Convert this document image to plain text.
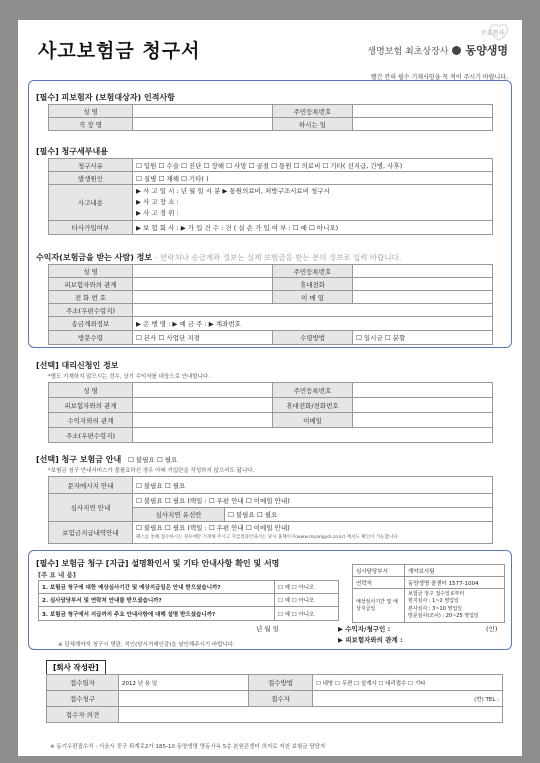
사고보험금 청구서	생명보험 최초상장사 동양생명
수호천사
빨간 칸의 필수 기재사항을 꼭 적어 주시기 바랍니다.
[필수] 피보험자 (보험대상자) 인적사항
성 명		주민등록번호	
직 장 명		하시는 일	
[필수] 청구세부내용
청구사유	☐ 입원 ☐ 수술 ☐ 진단 ☐ 장해 ☐ 사망 ☐ 골절 ☐ 통원 ☐ 의료비 ☐ 기타( 선지급, 간병, 사후)
발생원인	☐ 질병 ☐ 재해 ☐ 기타( )
사고내용	▶ 사 고 일 시 : 년 월 일 시 분 ▶ 통원의료비, 처방구조시료비 청구시
▶ 사 고 장 소 :
▶ 사 고 경 위 :

타사가입여부	▶ 보 험 회 사 : ▶ 가 입 건 수 : 건 ( 실 손 가 입 여 부 : ☐ 예 ☐ 아니오)
수익자(보험금을 받는 사람) 정보 - 연락처나 송금계좌 정보는 실제 보험금을 받는 분의 정보로 입력 바랍니다.
성 명		주민등록번호	
피보험자와의 관계		휴대전화	
전 화 번 호		이 메 일	
주소(우편수령지)			
송금계좌정보	▶ 은 행 명 : ▶ 예 금 주 : ▶ 계좌번호		
방문수령	☐ 본사 ☐ 사업단 지점	수령방법	☐ 일시금 ☐ 분할
[선택] 대리신청인 정보
*별도 기재하지 않으시는 경우, 상기 수익자를 대상으로 안내합니다.
성 명		주민등록번호	
피보험자와의 관계		휴대전화/전화번호	
수익자와의 관계		이메일	
주소(우편수령지)			
[선택] 청구 보험금 안내 ☐ 불필요 ☐ 필요
*보험금 청구 안내서비스가 불필요하신 경우 아래 기입란을 작성하지 않으셔도 됩니다.
문자메시지 안내	☐ 불필요 ☐ 필요	
심사지연 안내	☐ 불필요 ☐ 필요 (택일 : ☐ 우편 안내 ☐ 이메일 안내)	
	심사지연 유선안	☐ 불필요 ☐ 필요
보험금지급내역안내	☐ 불필요 ☐ 필요 (택일 : ☐ 우편 안내 ☐ 이메일 안내)
팩스를 통해 접수하시는 경우에만 기재해 주시고 지급결과안내서는 당사 홈페이지(www.myangyol.co.kr) 에서도 확인이 가능합니다.	
[필수] 보험금 청구 [지급] 설명확인서 및 기타 안내사항 확인 및 서명
[주 요 내 용]
1. 보험금 청구에 대한 예상심사기간 및 예상지급일은 안내 받으셨습니까?	☐ 예 ☐ 아니오
2. 심사담당부서 및 연락처 안내를 받으셨습니까?	☐ 예 ☐ 아니오
3. 보험금 청구에서 지급까지 주요 안내사항에 대해 설명 받으셨습니까?	☐ 예 ☐ 아니오
심사담당부서	계약보사팀
연락처	동양생명 콜센터 1577-1004
예상심사기간 및 예상지급일	보험금 청구 접수일로부터
현지심사 : 1~2 영업일
본사심사 : 3~10 영업일
방문심사(조사) : 20~25 영업일
년 월 일	▶ 수익자/청구인 :	(인)
▶ 피보험자와의 관계 :
※ 단체계약자 청구시 명판, 직인(당시거래인감)을 날인해주시기 바랍니다.
[회사 작성란]
접수일자	2012 년 용 일	접수방법	☐ 내방 ☐ 우편 ☐ 설계사 ☐ 대리접수 ☐ 기타
접수청구		접수자	(반) TEL :
접수자 의견			
※ 동기우편접수처 : 서울시 중구 퇴계로2가 185-10 동양생명 명동사옥 5층 본원콘센터 의지로 저천 보험금 담당자
